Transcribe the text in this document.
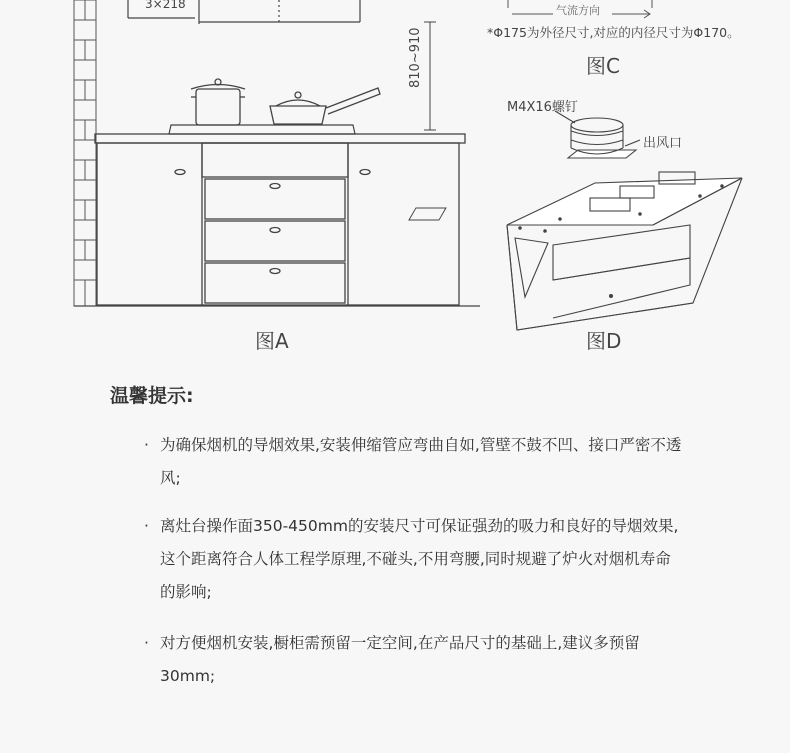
3×218
810~910
图A
气流方向
*Φ175为外径尺寸,对应的内径尺寸为Φ170。
图C
M4X16螺钉
出风口
图D
温馨提示:
· 为确保烟机的导烟效果,安装伸缩管应弯曲自如,管壁不鼓不凹、接口严密不透风;
· 离灶台操作面350-450mm的安装尺寸可保证强劲的吸力和良好的导烟效果,这个距离符合人体工程学原理,不碰头,不用弯腰,同时规避了炉火对烟机寿命的影响;
· 对方便烟机安装,橱柜需预留一定空间,在产品尺寸的基础上,建议多预留30mm;
